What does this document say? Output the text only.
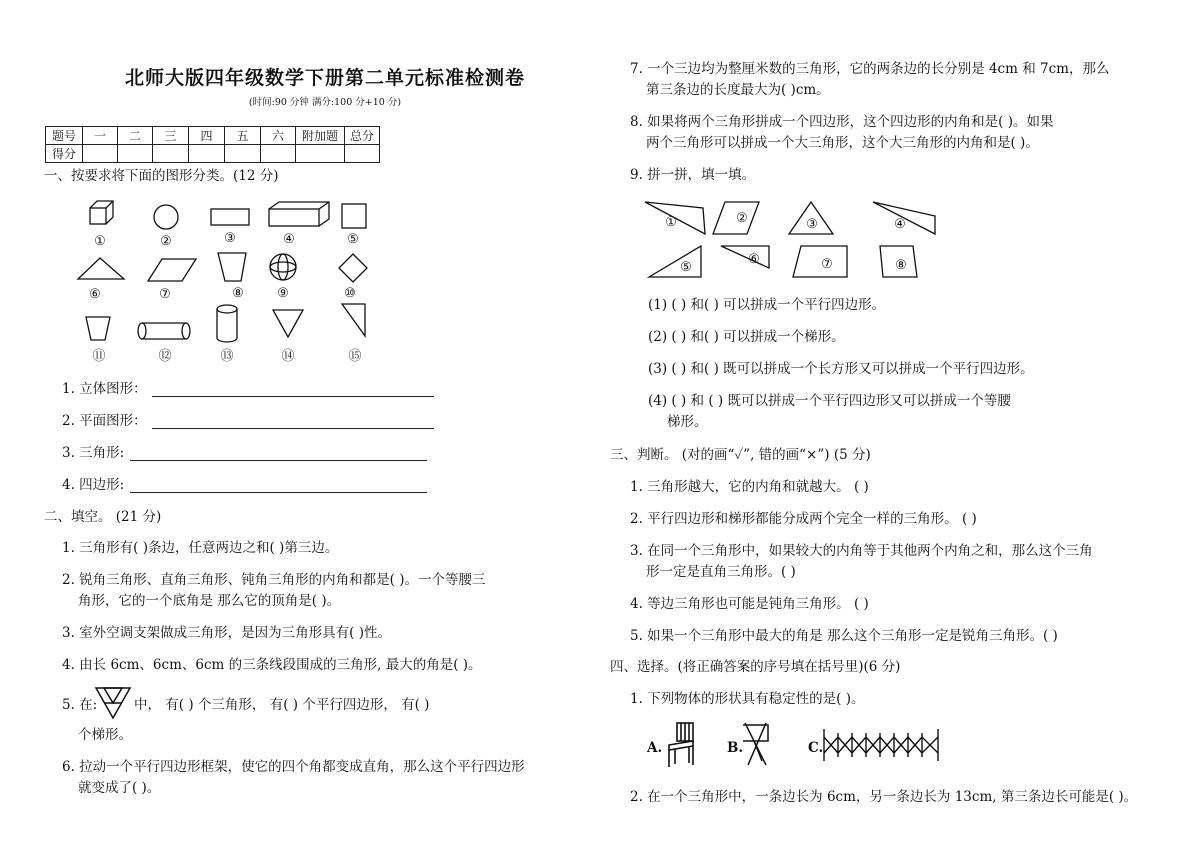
北师大版四年级数学下册第二单元标准检测卷
(时间:90 分钟 满分:100 分+10 分)
题号	一	二	三	四	五	六	附加题	总分
得分								
一、按要求将下面的图形分类。(12 分)
①	②	③	④	⑤
⑥	⑦	⑧	⑨	⑩
⑪	⑫	⑬	⑭	⑮
1. 立体图形：
2. 平面图形：
3. 三角形:
4. 四边形:
二、填空。 (21 分)
1. 三角形有( )条边，任意两边之和( )第三边。
2. 锐角三角形、直角三角形、钝角三角形的内角和都是( )。一个等腰三
角形，它的一个底角是 那么它的顶角是( )。
3. 室外空调支架做成三角形，是因为三角形具有( )性。
4. 由长 6cm、6cm、6cm 的三条线段围成的三角形, 最大的角是( )。
5. 在:	中， 有( ) 个三角形， 有( ) 个平行四边形， 有( )
个梯形。
6. 拉动一个平行四边形框架，使它的四个角都变成直角，那么这个平行四边形
就变成了( )。
7. 一个三边均为整厘米数的三角形，它的两条边的长分别是 4cm 和 7cm，那么
第三条边的长度最大为( )cm。
8. 如果将两个三角形拼成一个四边形，这个四边形的内角和是( )。如果
两个三角形可以拼成一个大三角形，这个大三角形的内角和是( )。
9. 拼一拼，填一填。
①	②	③	④
⑤
⑥	⑦	⑧
(1) ( ) 和( ) 可以拼成一个平行四边形。
(2) ( ) 和( ) 可以拼成一个梯形。
(3) ( ) 和( ) 既可以拼成一个长方形又可以拼成一个平行四边形。
(4) ( ) 和 ( ) 既可以拼成一个平行四边形又可以拼成一个等腰
梯形。
三、判断。 (对的画“✓”, 错的画“×”) (5 分)
1. 三角形越大，它的内角和就越大。 ( )
2. 平行四边形和梯形都能分成两个完全一样的三角形。 ( )
3. 在同一个三角形中，如果较大的内角等于其他两个内角之和，那么这个三角
形一定是直角三角形。( )
4. 等边三角形也可能是钝角三角形。 ( )
5. 如果一个三角形中最大的角是 那么这个三角形一定是锐角三角形。( )
四、选择。(将正确答案的序号填在括号里)(6 分)
1. 下列物体的形状具有稳定性的是( )。
A.	B.	C.
2. 在一个三角形中，一条边长为 6cm，另一条边长为 13cm, 第三条边长可能是( )。
